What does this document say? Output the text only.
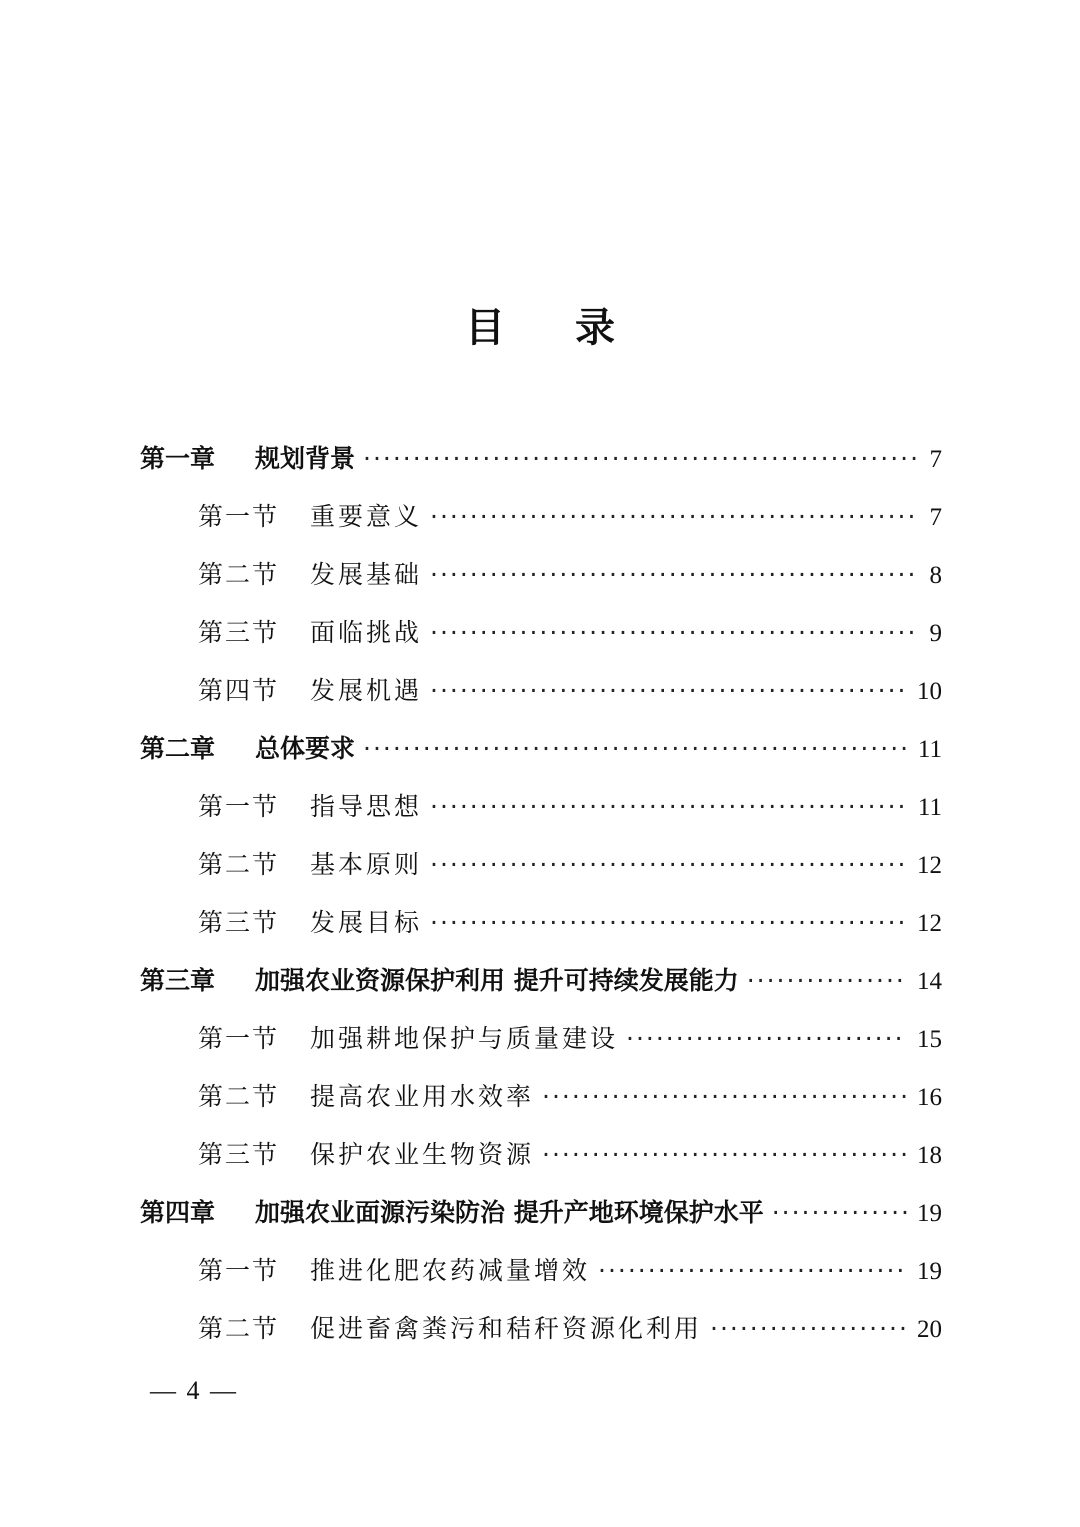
目 录
第一章	规划背景 ·····	7
第一节	重要意义 ·····	7
第二节	发展基础 ·····	8
第三节	面临挑战 ·····	9
第四节	发展机遇 ·····	10
第二章	总体要求 ·····	11
第一节	指导思想 ·····	11
第二节	基本原则 ·····	12
第三节	发展目标 ·····	12
第三章	加强农业资源保护利用 提升可持续发展能力 ·····	14
第一节	加强耕地保护与质量建设 ·····	15
第二节	提高农业用水效率 ·····	16
第三节	保护农业生物资源 ·····	18
第四章	加强农业面源污染防治 提升产地环境保护水平 ·····	19
第一节	推进化肥农药减量增效 ·····	19
第二节	促进畜禽粪污和秸秆资源化利用 ·····	20
— 4 —
